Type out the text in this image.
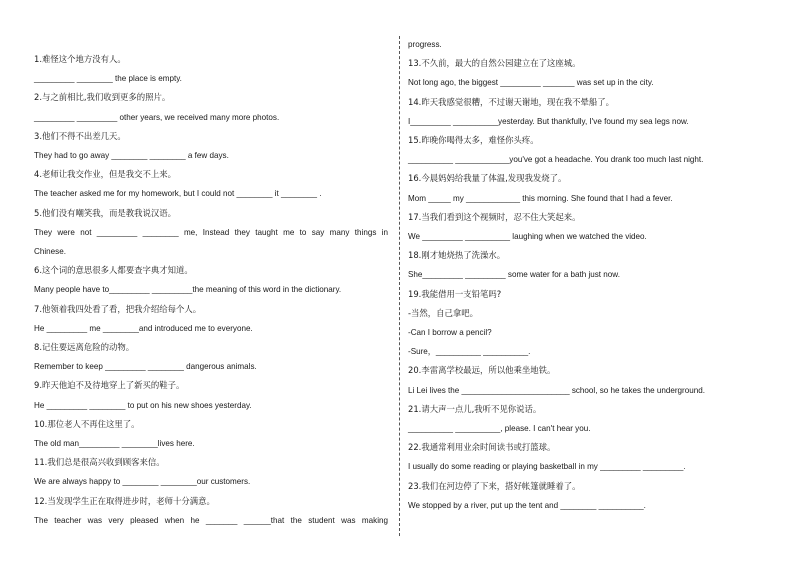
1.难怪这个地方没有人。
_________ ________ the place is empty.
2.与之前相比,我们收到更多的照片。
_________ _________ other years, we received many more photos.
3.他们不得不出差几天。
They had to go away ________ ________ a few days.
4.老师让我交作业，但是我交不上来。
The teacher asked me for my homework, but I could not ________ it ________ .
5.他们没有嘲笑我，而是教我说汉语。
They were not _________ ________ me, Instead they taught me to say many things in
Chinese.
6.这个词的意思很多人都要查字典才知道。
Many people have to_________ _________the meaning of this word in the dictionary.
7.他领着我四处看了看，把我介绍给每个人。
He _________ me ________and introduced me to everyone.
8.记住要远离危险的动物。
Remember to keep _________ ________ dangerous animals.
9.昨天他迫不及待地穿上了新买的鞋子。
He _________ ________ to put on his new shoes yesterday.
10.那位老人不再住这里了。
The old man_________ ________lives here.
11.我们总是很高兴收到顾客来信。
We are always happy to ________ ________our customers.
12.当发现学生正在取得进步时，老师十分满意。
The teacher was very pleased when he _______ ______that the student was making
progress.
13.不久前，最大的自然公园建立在了这座城。
Not long ago, the biggest _________ _______ was set up in the city.
14.昨天我感觉很糟，不过谢天谢地，现在我不晕船了。
I_________ __________yesterday. But thankfully, I've found my sea legs now.
15.昨晚你喝得太多，难怪你头疼。
__________ ____________you've got a headache. You drank too much last night.
16.今晨妈妈给我量了体温,发现我发烧了。
Mom _____ my ____________ this morning. She found that I had a fever.
17.当我们看到这个视频时，忍不住大笑起来。
We _________ __________ laughing when we watched the video.
18.刚才她烧热了洗澡水。
She_________ _________ some water for a bath just now.
19.我能借用一支铅笔吗?
-当然，自己拿吧。
-Can I borrow a pencil?
-Sure，__________ __________.
20.李雷离学校最远，所以他乘坐地铁。
Li Lei lives the ________________________ school, so he takes the underground.
21.请大声一点儿,我听不见你说话。
__________ __________, please. I can't hear you.
22.我通常利用业余时间读书或打篮球。
I usually do some reading or playing basketball in my _________ _________.
23.我们在河边停了下来，搭好帐篷就睡着了。
We stopped by a river, put up the tent and ________ __________.
